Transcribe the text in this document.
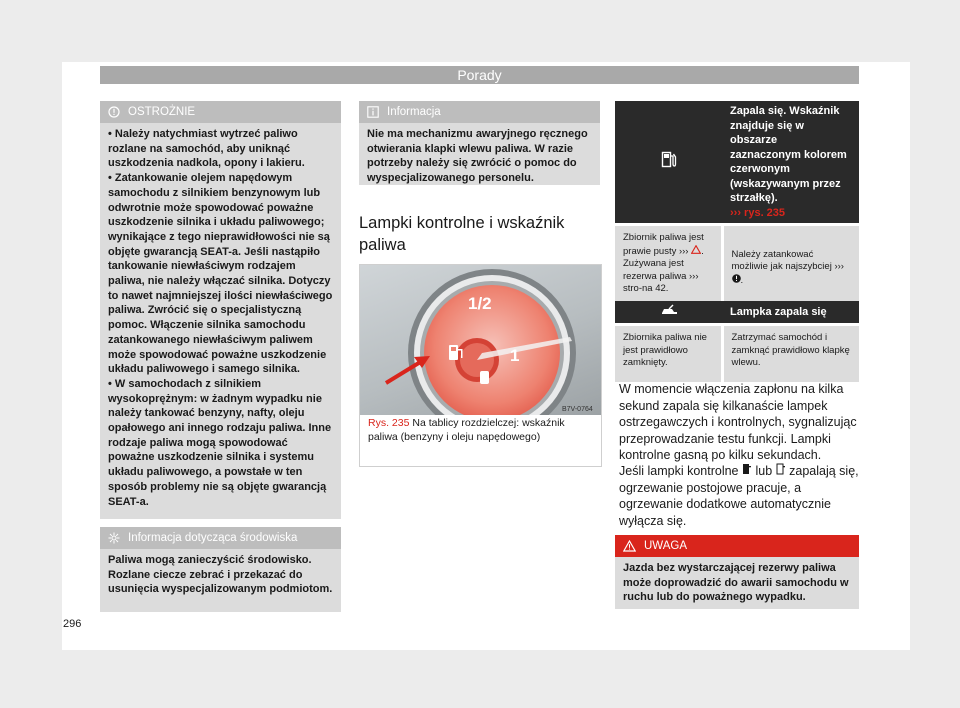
Porady
OSTROŻNIE

• Należy natychmiast wytrzeć paliwo rozlane na samochód, aby uniknąć uszkodzenia nadkola, opony i lakieru.

• Zatankowanie olejem napędowym samochodu z silnikiem benzynowym lub odwrotnie może spowodować poważne uszkodzenie silnika i układu paliwowego; wynikające z tego nieprawidłowości nie są objęte gwarancją SEAT-a. Jeśli nastąpiło tankowanie niewłaściwym rodzajem paliwa, nie należy włączać silnika. Dotyczy to nawet najmniejszej ilości niewłaściwego paliwa. Zwrócić się o specjalistyczną pomoc. Włączenie silnika samochodu zatankowanego niewłaściwym paliwem może spowodować poważne uszkodzenie układu paliwowego i samego silnika.

• W samochodach z silnikiem wysokoprężnym: w żadnym wypadku nie należy tankować benzyny, nafty, oleju opałowego ani innego rodzaju paliwa. Inne rodzaje paliwa mogą spowodować poważne uszkodzenie silnika i systemu układu paliwowego, a powstałe w ten sposób problemy nie są objęte gwarancją SEAT-a.

Informacja dotycząca środowiska
Paliwa mogą zanieczyścić środowisko. Rozlane ciecze zebrać i przekazać do usunięcia wyspecjalizowanym podmiotom.
Informacja
Nie ma mechanizmu awaryjnego ręcznego otwierania klapki wlewu paliwa. W razie potrzeby należy się zwrócić o pomoc do wyspecjalizowanego personelu.
Lampki kontrolne i wskaźnik paliwa
1/2
1
B7V-0764
Rys. 235 Na tablicy rozdzielczej: wskaźnik paliwa (benzyny i oleju napędowego)
	Zapala się. Wskaźnik znajduje się w obszarze zaznaczonym kolorem czerwonym (wskazywanym przez strzałkę).
››› rys. 235
Zbiornik paliwa jest prawie pusty ››› . Zużywana jest rezerwa paliwa ››› stro-na 42.	Należy zatankować możliwie jak najszybciej ››› .
	Lampka zapala się
Zbiornika paliwa nie jest prawidłowo zamknięty.	Zatrzymać samochód i zamknąć prawidłowo klapkę wlewu.
W momencie włączenia zapłonu na kilka sekund zapala się kilkanaście lampek ostrzegawczych i kontrolnych, sygnalizując przeprowadzanie testu funkcji. Lampki kontrolne gasną po kilku sekundach.
Jeśli lampki kontrolne lub zapalają się, ogrzewanie postojowe pracuje, a ogrzewanie dodatkowe automatycznie wyłącza się.
UWAGA
Jazda bez wystarczającej rezerwy paliwa może doprowadzić do awarii samochodu w ruchu lub do poważnego wypadku.
296
